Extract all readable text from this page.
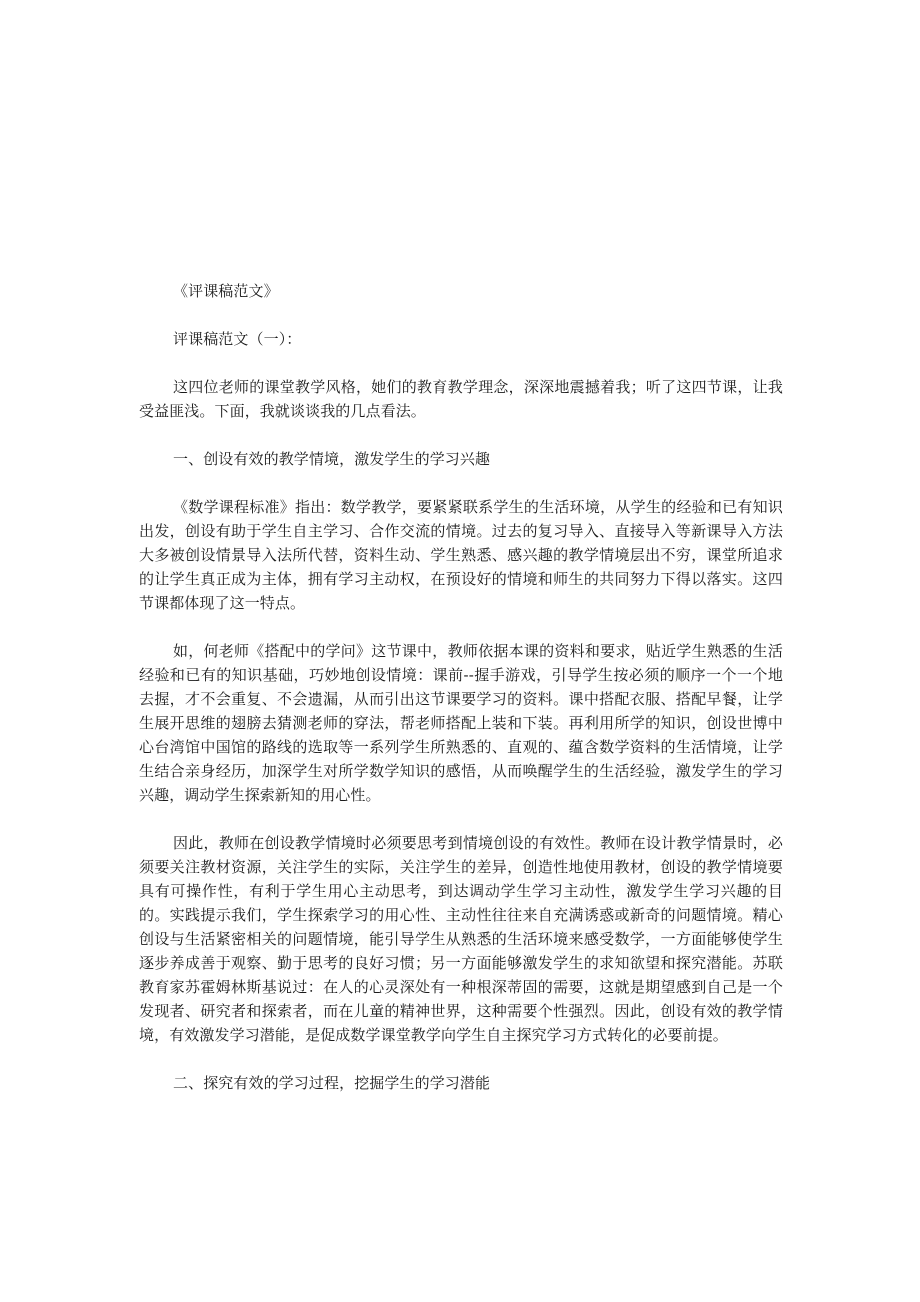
《评课稿范文》

评课稿范文（一）：

这四位老师的课堂教学风格，她们的教育教学理念，深深地震撼着我；听了这四节课，让我受益匪浅。下面，我就谈谈我的几点看法。

一、创设有效的教学情境，激发学生的学习兴趣

《数学课程标准》指出：数学教学，要紧紧联系学生的生活环境，从学生的经验和已有知识出发，创设有助于学生自主学习、合作交流的情境。过去的复习导入、直接导入等新课导入方法大多被创设情景导入法所代替，资料生动、学生熟悉、感兴趣的教学情境层出不穷，课堂所追求的让学生真正成为主体，拥有学习主动权，在预设好的情境和师生的共同努力下得以落实。这四节课都体现了这一特点。

如，何老师《搭配中的学问》这节课中，教师依据本课的资料和要求，贴近学生熟悉的生活经验和已有的知识基础，巧妙地创设情境：课前--握手游戏，引导学生按必须的顺序一个一个地去握，才不会重复、不会遗漏，从而引出这节课要学习的资料。课中搭配衣服、搭配早餐，让学生展开思维的翅膀去猜测老师的穿法，帮老师搭配上装和下装。再利用所学的知识，创设世博中心台湾馆中国馆的路线的选取等一系列学生所熟悉的、直观的、蕴含数学资料的生活情境，让学生结合亲身经历，加深学生对所学数学知识的感悟，从而唤醒学生的生活经验，激发学生的学习兴趣，调动学生探索新知的用心性。

因此，教师在创设教学情境时必须要思考到情境创设的有效性。教师在设计教学情景时，必须要关注教材资源，关注学生的实际，关注学生的差异，创造性地使用教材，创设的教学情境要具有可操作性，有利于学生用心主动思考，到达调动学生学习主动性，激发学生学习兴趣的目的。实践提示我们，学生探索学习的用心性、主动性往往来自充满诱惑或新奇的问题情境。精心创设与生活紧密相关的问题情境，能引导学生从熟悉的生活环境来感受数学，一方面能够使学生逐步养成善于观察、勤于思考的良好习惯；另一方面能够激发学生的求知欲望和探究潜能。苏联教育家苏霍姆林斯基说过：在人的心灵深处有一种根深蒂固的需要，这就是期望感到自己是一个发现者、研究者和探索者，而在儿童的精神世界，这种需要个性强烈。因此，创设有效的教学情境，有效激发学习潜能，是促成数学课堂教学向学生自主探究学习方式转化的必要前提。

二、探究有效的学习过程，挖掘学生的学习潜能
